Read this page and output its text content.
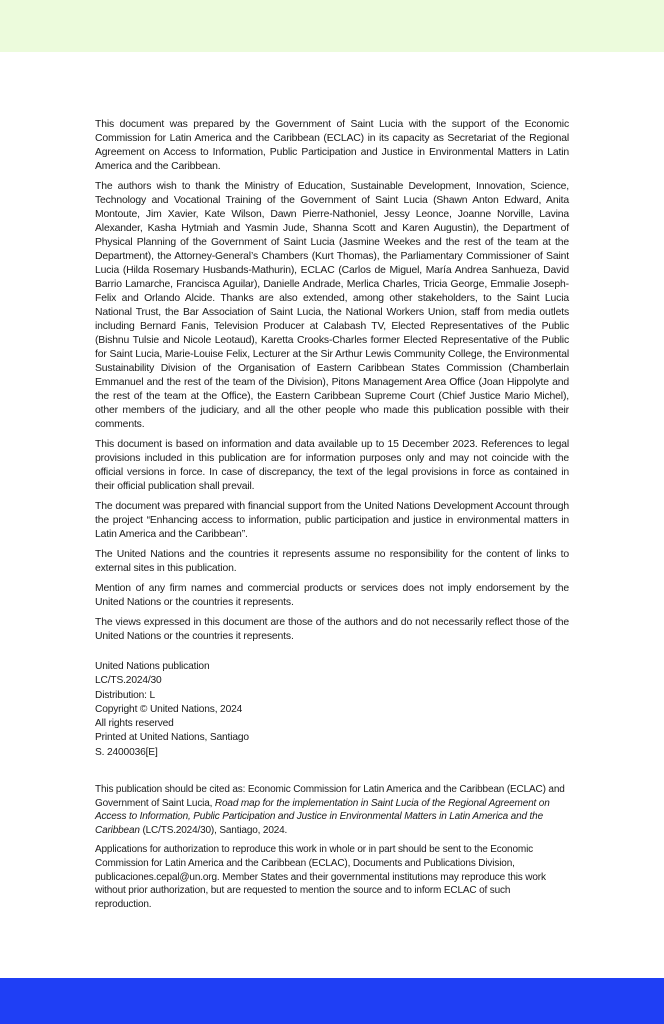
This document was prepared by the Government of Saint Lucia with the support of the Economic Commission for Latin America and the Caribbean (ECLAC) in its capacity as Secretariat of the Regional Agreement on Access to Information, Public Participation and Justice in Environmental Matters in Latin America and the Caribbean.

The authors wish to thank the Ministry of Education, Sustainable Development, Innovation, Science, Technology and Vocational Training of the Government of Saint Lucia (Shawn Anton Edward, Anita Montoute, Jim Xavier, Kate Wilson, Dawn Pierre-Nathoniel, Jessy Leonce, Joanne Norville, Lavina Alexander, Kasha Hytmiah and Yasmin Jude, Shanna Scott and Karen Augustin), the Department of Physical Planning of the Government of Saint Lucia (Jasmine Weekes and the rest of the team at the Department), the Attorney-General’s Chambers (Kurt Thomas), the Parliamentary Commissioner of Saint Lucia (Hilda Rosemary Husbands-Mathurin), ECLAC (Carlos de Miguel, María Andrea Sanhueza, David Barrio Lamarche, Francisca Aguilar), Danielle Andrade, Merlica Charles, Tricia George, Emmalie Joseph-Felix and Orlando Alcide. Thanks are also extended, among other stakeholders, to the Saint Lucia National Trust, the Bar Association of Saint Lucia, the National Workers Union, staff from media outlets including Bernard Fanis, Television Producer at Calabash TV, Elected Representatives of the Public (Bishnu Tulsie and Nicole Leotaud), Karetta Crooks-Charles former Elected Representative of the Public for Saint Lucia, Marie-Louise Felix, Lecturer at the Sir Arthur Lewis Community College, the Environmental Sustainability Division of the Organisation of Eastern Caribbean States Commission (Chamberlain Emmanuel and the rest of the team of the Division), Pitons Management Area Office (Joan Hippolyte and the rest of the team at the Office), the Eastern Caribbean Supreme Court (Chief Justice Mario Michel), other members of the judiciary, and all the other people who made this publication possible with their comments.

This document is based on information and data available up to 15 December 2023. References to legal provisions included in this publication are for information purposes only and may not coincide with the official versions in force. In case of discrepancy, the text of the legal provisions in force as contained in their official publication shall prevail.

The document was prepared with financial support from the United Nations Development Account through the project “Enhancing access to information, public participation and justice in environmental matters in Latin America and the Caribbean”.

The United Nations and the countries it represents assume no responsibility for the content of links to external sites in this publication.

Mention of any firm names and commercial products or services does not imply endorsement by the United Nations or the countries it represents.

The views expressed in this document are those of the authors and do not necessarily reflect those of the United Nations or the countries it represents.

United Nations publication
LC/TS.2024/30
Distribution: L
Copyright © United Nations, 2024
All rights reserved
Printed at United Nations, Santiago
S. 2400036[E]

This publication should be cited as: Economic Commission for Latin America and the Caribbean (ECLAC) and Government of Saint Lucia, Road map for the implementation in Saint Lucia of the Regional Agreement on Access to Information, Public Participation and Justice in Environmental Matters in Latin America and the Caribbean (LC/TS.2024/30), Santiago, 2024.

Applications for authorization to reproduce this work in whole or in part should be sent to the Economic Commission for Latin America and the Caribbean (ECLAC), Documents and Publications Division, publicaciones.cepal@un.org. Member States and their governmental institutions may reproduce this work without prior authorization, but are requested to mention the source and to inform ECLAC of such reproduction.
